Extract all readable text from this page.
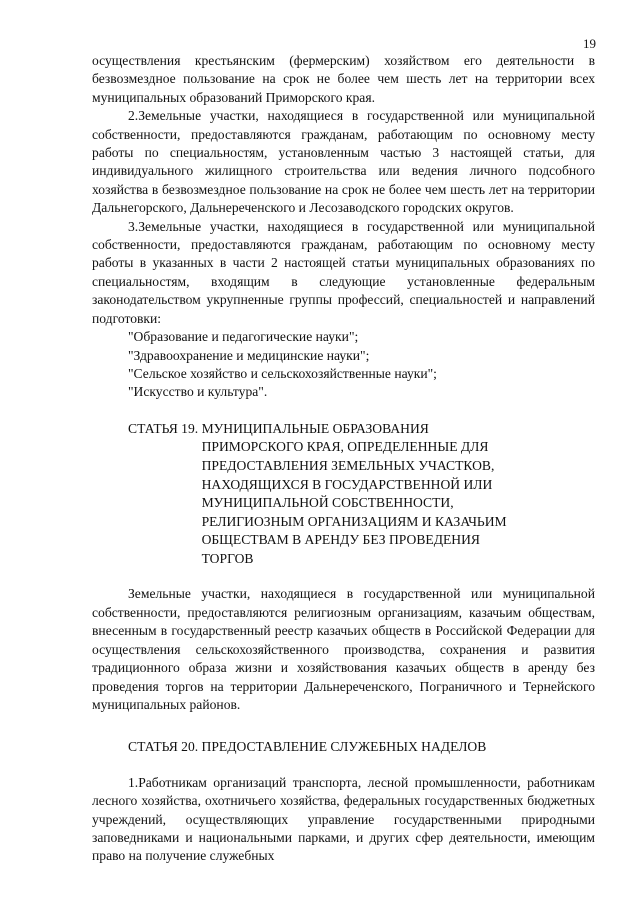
19

осуществления крестьянским (фермерским) хозяйством его деятельности в безвозмездное пользование на срок не более чем шесть лет на территории всех муниципальных образований Приморского края.

2.Земельные участки, находящиеся в государственной или муниципальной собственности, предоставляются гражданам, работающим по основному месту работы по специальностям, установленным частью 3 настоящей статьи, для индивидуального жилищного строительства или ведения личного подсобного хозяйства в безвозмездное пользование на срок не более чем шесть лет на территории Дальнегорского, Дальнереченского и Лесозаводского городских округов.

3.Земельные участки, находящиеся в государственной или муниципальной собственности, предоставляются гражданам, работающим по основному месту работы в указанных в части 2 настоящей статьи муниципальных образованиях по специальностям, входящим в следующие установленные федеральным законодательством укрупненные группы профессий, специальностей и направлений подготовки:

"Образование и педагогические науки";

"Здравоохранение и медицинские науки";

"Сельское хозяйство и сельскохозяйственные науки";

"Искусство и культура".

СТАТЬЯ 19. МУНИЦИПАЛЬНЫЕ ОБРАЗОВАНИЯ ПРИМОРСКОГО КРАЯ, ОПРЕДЕЛЕННЫЕ ДЛЯ ПРЕДОСТАВЛЕНИЯ ЗЕМЕЛЬНЫХ УЧАСТКОВ, НАХОДЯЩИХСЯ В ГОСУДАРСТВЕННОЙ ИЛИ МУНИЦИПАЛЬНОЙ СОБСТВЕННОСТИ, РЕЛИГИОЗНЫМ ОРГАНИЗАЦИЯМ И КАЗАЧЬИМ ОБЩЕСТВАМ В АРЕНДУ БЕЗ ПРОВЕДЕНИЯ ТОРГОВ

Земельные участки, находящиеся в государственной или муниципальной собственности, предоставляются религиозным организациям, казачьим обществам, внесенным в государственный реестр казачьих обществ в Российской Федерации для осуществления сельскохозяйственного производства, сохранения и развития традиционного образа жизни и хозяйствования казачьих обществ в аренду без проведения торгов на территории Дальнереченского, Пограничного и Тернейского муниципальных районов.

СТАТЬЯ 20. ПРЕДОСТАВЛЕНИЕ СЛУЖЕБНЫХ НАДЕЛОВ

1.Работникам организаций транспорта, лесной промышленности, работникам лесного хозяйства, охотничьего хозяйства, федеральных государственных бюджетных учреждений, осуществляющих управление государственными природными заповедниками и национальными парками, и других сфер деятельности, имеющим право на получение служебных
